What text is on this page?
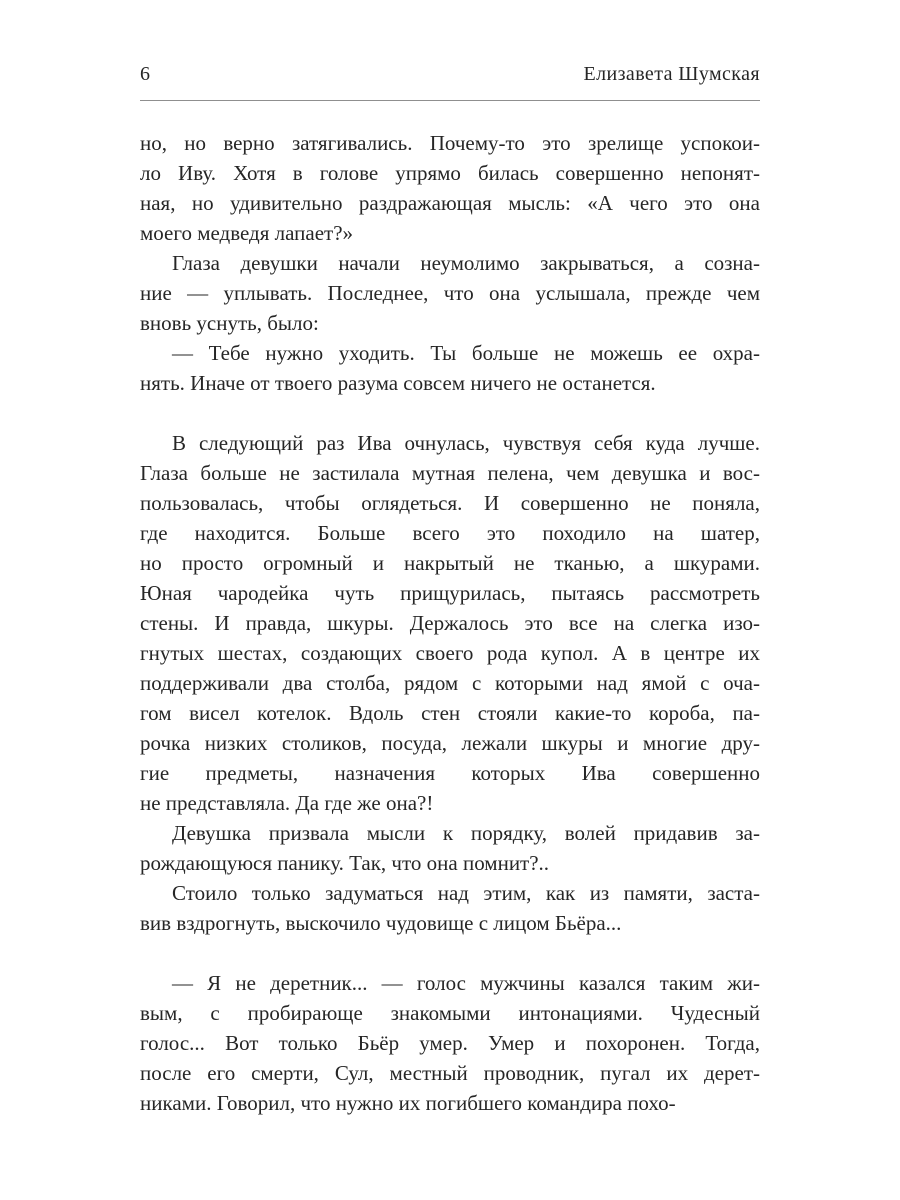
6	Елизавета Шумская
но, но верно затягивались. Почему-то это зрелище успокои-
ло Иву. Хотя в голове упрямо билась совершенно непонят-
ная, но удивительно раздражающая мысль: «А чего это она
моего медведя лапает?»
Глаза девушки начали неумолимо закрываться, а созна-
ние — уплывать. Последнее, что она услышала, прежде чем
вновь уснуть, было:
— Тебе нужно уходить. Ты больше не можешь ее охра-
нять. Иначе от твоего разума совсем ничего не останется.
В следующий раз Ива очнулась, чувствуя себя куда лучше.
Глаза больше не застилала мутная пелена, чем девушка и вос-
пользовалась, чтобы оглядеться. И совершенно не поняла,
где находится. Больше всего это походило на шатер,
но просто огромный и накрытый не тканью, а шкурами.
Юная чародейка чуть прищурилась, пытаясь рассмотреть
стены. И правда, шкуры. Держалось это все на слегка изо-
гнутых шестах, создающих своего рода купол. А в центре их
поддерживали два столба, рядом с которыми над ямой с оча-
гом висел котелок. Вдоль стен стояли какие-то короба, па-
рочка низких столиков, посуда, лежали шкуры и многие дру-
гие предметы, назначения которых Ива совершенно
не представляла. Да где же она?!
Девушка призвала мысли к порядку, волей придавив за-
рождающуюся панику. Так, что она помнит?..
Стоило только задуматься над этим, как из памяти, заста-
вив вздрогнуть, выскочило чудовище с лицом Бьёра...
— Я не деретник... — голос мужчины казался таким жи-
вым, с пробирающе знакомыми интонациями. Чудесный
голос... Вот только Бьёр умер. Умер и похоронен. Тогда,
после его смерти, Сул, местный проводник, пугал их дерет-
никами. Говорил, что нужно их погибшего командира похо-
